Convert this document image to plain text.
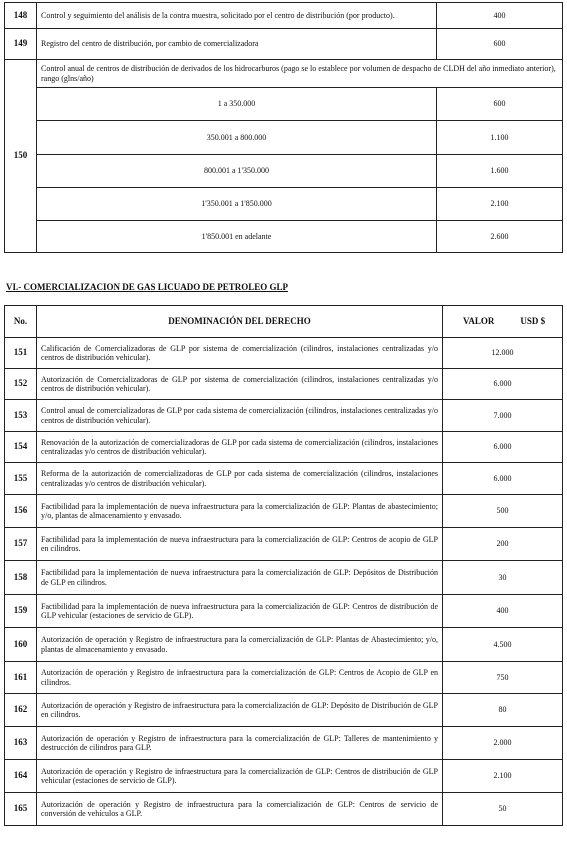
148	Control y seguimiento del análisis de la contra muestra, solicitado por el centro de distribución (por producto).	400
149	Registro del centro de distribución, por cambio de comercializadora	600
150	Control anual de centros de distribución de derivados de los hidrocarburos (pago se lo establece por volumen de despacho de CLDH del año inmediato anterior), rango (glns/año)	
	1 a 350.000	600
	350.001 a 800.000	1.100
	800.001 a 1'350.000	1.600
	1'350.001 a 1'850.000	2.100
	1'850.001 en adelante	2.600
VI.- COMERCIALIZACION DE GAS LICUADO DE PETROLEO GLP
No.	DENOMINACIÓN DEL DERECHO	VALOR USD $
151	Calificación de Comercializadoras de GLP por sistema de comercialización (cilindros, instalaciones centralizadas y/o centros de distribución vehicular).	12.000
152	Autorización de Comercializadoras de GLP por sistema de comercialización (cilindros, instalaciones centralizadas y/o centros de distribución vehicular).	6.000
153	Control anual de comercializadoras de GLP por cada sistema de comercialización (cilindros, instalaciones centralizadas y/o centros de distribución vehicular).	7.000
154	Renovación de la autorización de comercializadoras de GLP por cada sistema de comercialización (cilindros, instalaciones centralizadas y/o centros de distribución vehicular).	6.000
155	Reforma de la autorización de comercializadoras de GLP por cada sistema de comercialización (cilindros, instalaciones centralizadas y/o centros de distribución vehicular).	6.000
156	Factibilidad para la implementación de nueva infraestructura para la comercialización de GLP: Plantas de abastecimiento; y/o, plantas de almacenamiento y envasado.	500
157	Factibilidad para la implementación de nueva infraestructura para la comercialización de GLP: Centros de acopio de GLP en cilindros.	200
158	Factibilidad para la implementación de nueva infraestructura para la comercialización de GLP: Depósitos de Distribución de GLP en cilindros.	30
159	Factibilidad para la implementación de nueva infraestructura para la comercialización de GLP: Centros de distribución de GLP vehicular (estaciones de servicio de GLP).	400
160	Autorización de operación y Registro de infraestructura para la comercialización de GLP: Plantas de Abastecimiento; y/o, plantas de almacenamiento y envasado.	4.500
161	Autorización de operación y Registro de infraestructura para la comercialización de GLP: Centros de Acopio de GLP en cilindros.	750
162	Autorización de operación y Registro de infraestructura para la comercialización de GLP: Depósito de Distribución de GLP en cilindros.	80
163	Autorización de operación y Registro de infraestructura para la comercialización de GLP: Talleres de mantenimiento y destrucción de cilindros para GLP.	2.000
164	Autorización de operación y Registro de infraestructura para la comercialización de GLP: Centros de distribución de GLP vehicular (estaciones de servicio de GLP).	2.100
165	Autorización de operación y Registro de infraestructura para la comercialización de GLP: Centros de servicio de conversión de vehículos a GLP.	50
